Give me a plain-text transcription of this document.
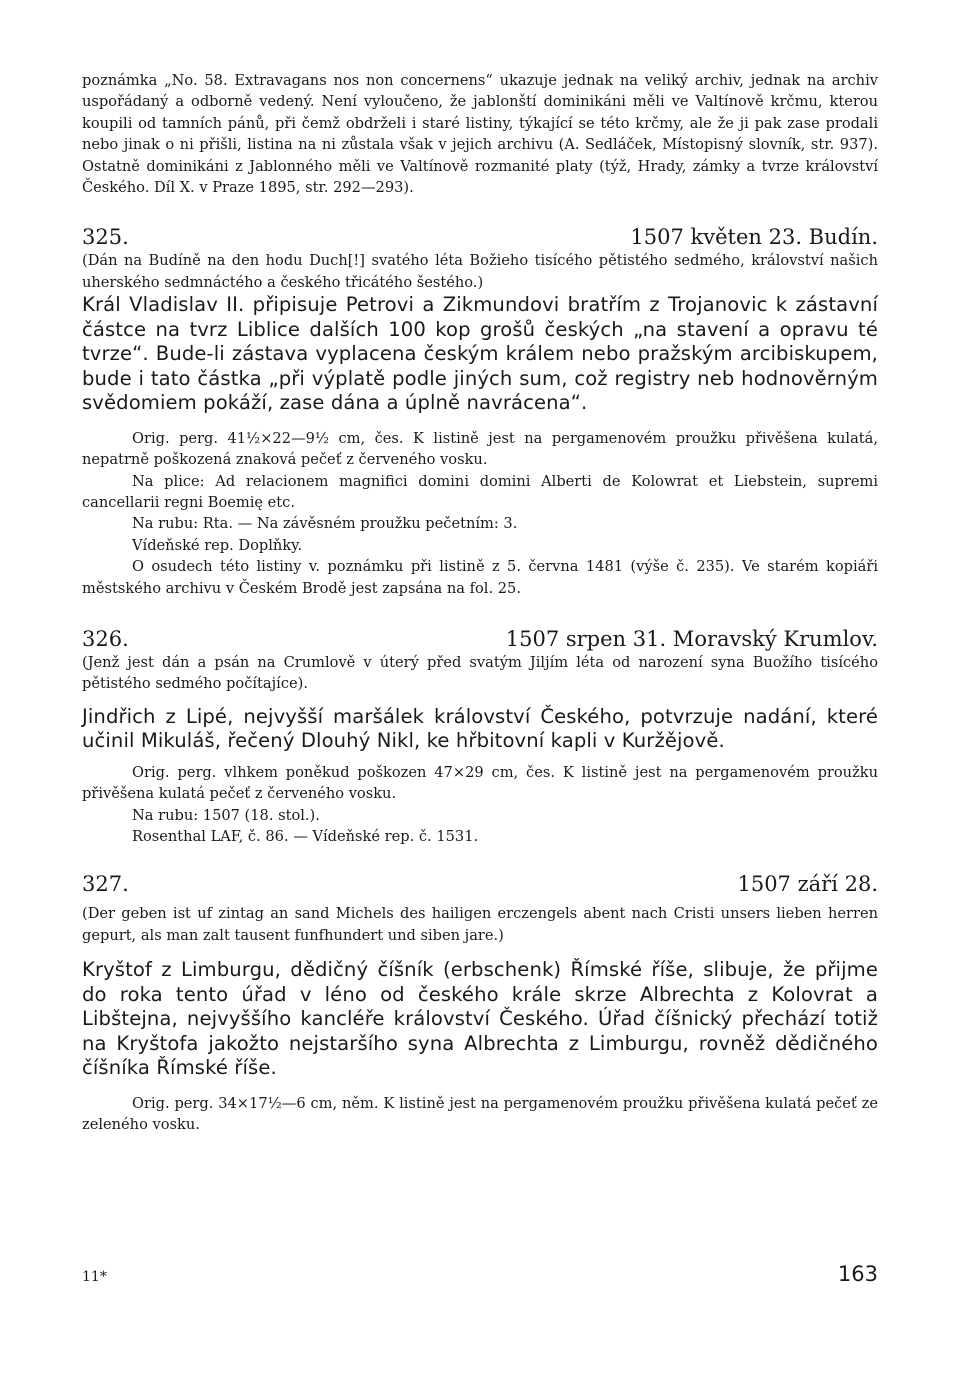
poznámka „No. 58. Extravagans nos non concernens“ ukazuje jednak na veliký archiv, jednak na archiv uspořádaný a odborně vedený. Není vyloučeno, že jablonští dominikáni měli ve Valtínově krčmu, kterou koupili od tamních pánů, při čemž obdrželi i staré listiny, týkající se této krčmy, ale že ji pak zase prodali nebo jinak o ni přišli, listina na ni zůstala však v jejich archivu (A. Sedláček, Místopisný slovník, str. 937). Ostatně dominikáni z Jablonného měli ve Valtínově rozmanité platy (týž, Hrady, zámky a tvrze království Českého. Díl X. v Praze 1895, str. 292—293).

325.	1507 květen 23. Budín.

(Dán na Budíně na den hodu Duch[!] svatého léta Božieho tisícého pětistého sedmého, království našich uherského sedmnáctého a českého třicátého šestého.)

Král Vladislav II. připisuje Petrovi a Zikmundovi bratřím z Trojanovic k zástavní částce na tvrz Liblice dalších 100 kop grošů českých „na stavení a opravu té tvrze“. Bude-li zástava vyplacena českým králem nebo pražským arcibiskupem, bude i tato částka „při výplatě podle jiných sum, což registry neb hodnověrným svědomiem pokáží, zase dána a úplně navrácena“.

Orig. perg. 41½×22—9½ cm, čes. K listině jest na pergamenovém proužku přivěšena kulatá, nepatrně poškozená znaková pečeť z červeného vosku.

Na plice: Ad relacionem magnifici domini domini Alberti de Kolowrat et Liebstein, supremi cancellarii regni Boemię etc.

Na rubu: Rta. — Na závěsném proužku pečetním: 3.

Vídeňské rep. Doplňky.

O osudech této listiny v. poznámku při listině z 5. června 1481 (výše č. 235). Ve starém kopiáři městského archivu v Českém Brodě jest zapsána na fol. 25.

326.	1507 srpen 31. Moravský Krumlov.

(Jenž jest dán a psán na Crumlově v úterý před svatým Jiljím léta od narození syna Buožího tisícého pětistého sedmého počítajíce).

Jindřich z Lipé, nejvyšší maršálek království Českého, potvrzuje nadání, které učinil Mikuláš, řečený Dlouhý Nikl, ke hřbitovní kapli v Kuržějově.

Orig. perg. vlhkem poněkud poškozen 47×29 cm, čes. K listině jest na pergamenovém proužku přivěšena kulatá pečeť z červeného vosku.

Na rubu: 1507 (18. stol.).

Rosenthal LAF, č. 86. — Vídeňské rep. č. 1531.

327.	1507 září 28.

(Der geben ist uf zintag an sand Michels des hailigen erczengels abent nach Cristi unsers lieben herren gepurt, als man zalt tausent funfhundert und siben jare.)

Kryštof z Limburgu, dědičný číšník (erbschenk) Římské říše, slibuje, že přijme do roka tento úřad v léno od českého krále skrze Albrechta z Kolovrat a Libštejna, nejvyššího kancléře království Českého. Úřad číšnický přechází totiž na Kryštofa jakožto nejstaršího syna Albrechta z Limburgu, rovněž dědičného číšníka Římské říše.

Orig. perg. 34×17½—6 cm, něm. K listině jest na pergamenovém proužku přivěšena kulatá pečeť ze zeleného vosku.

11*	163
